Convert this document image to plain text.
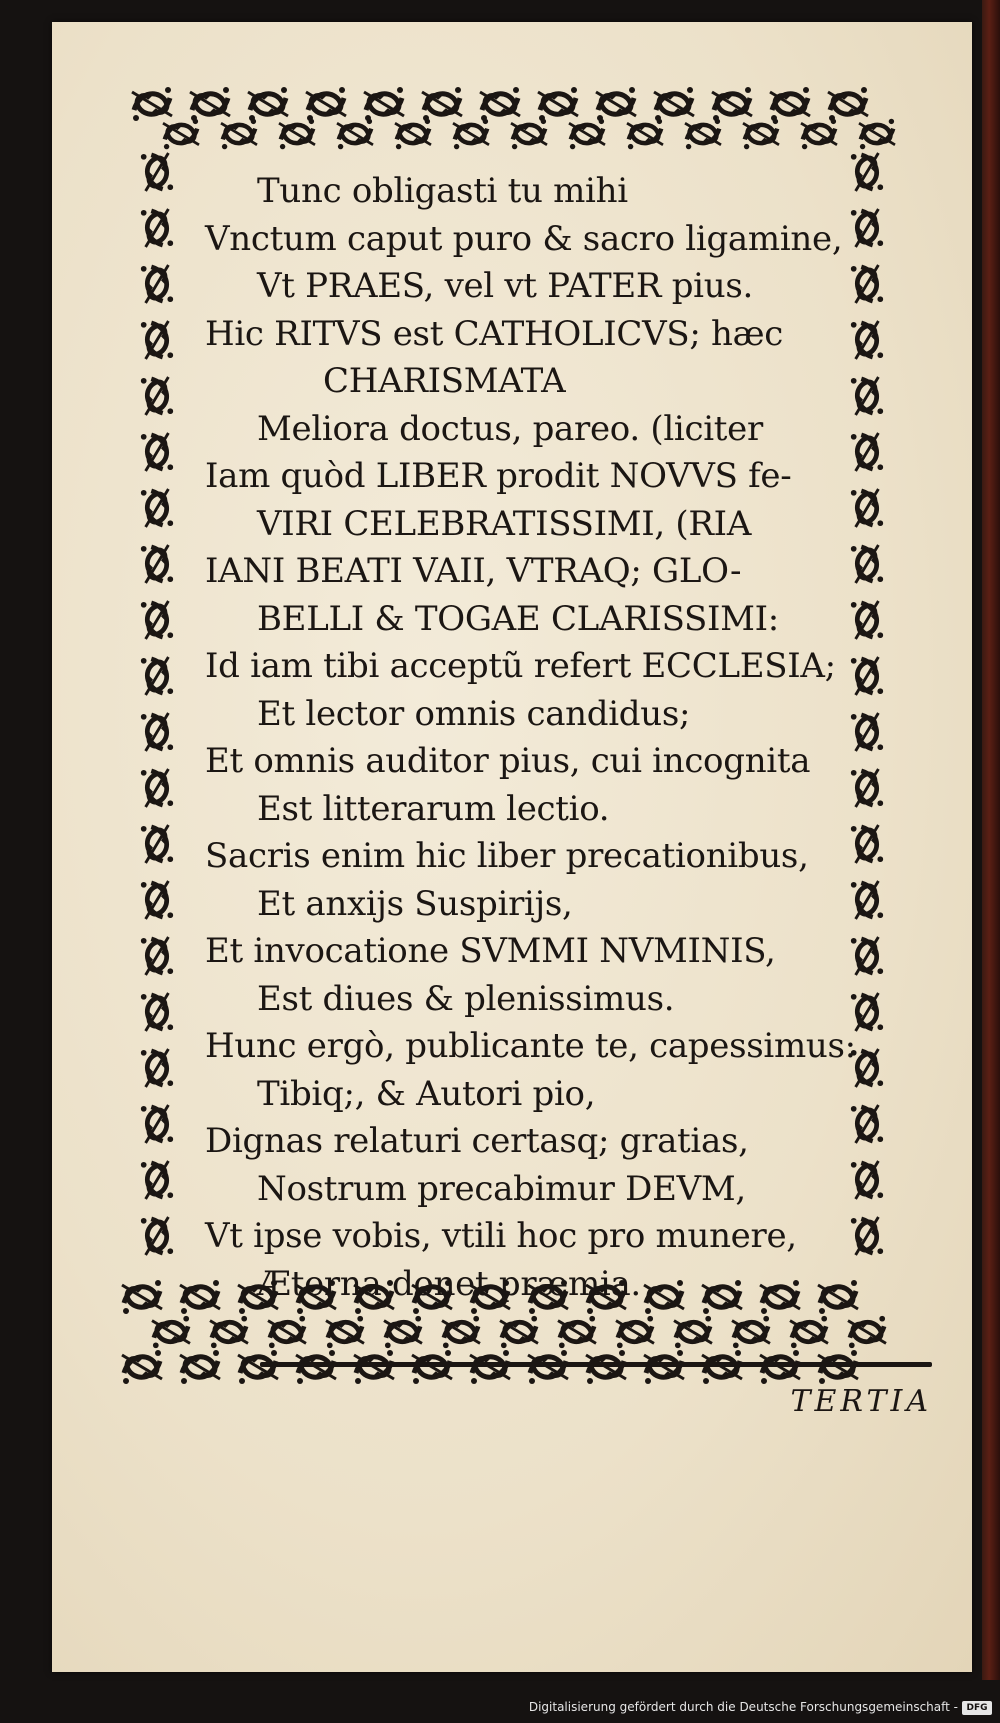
TERTIA
Tunc obligasti tu mihi
Vnctum caput puro & sacro ligamine,
Vt PRAES, vel vt PATER pius.
Hic RITVS est CATHOLICVS; hæc
CHARISMATA
Meliora doctus, pareo. (liciter
Iam quòd LIBER prodit NOVVS fe-
VIRI CELEBRATISSIMI, (RIA
IANI BEATI VAII, VTRAQ; GLO-
BELLI & TOGAE CLARISSIMI:
Id iam tibi acceptũ refert ECCLESIA;
Et lector omnis candidus;
Et omnis auditor pius, cui incognita
Est litterarum lectio.
Sacris enim hic liber precationibus,
Et anxijs Suspirijs,
Et invocatione SVMMI NVMINIS,
Est diues & plenissimus.
Hunc ergò, publicante te, capessimus:
Tibiq;, & Autori pio,
Dignas relaturi certasq; gratias,
Nostrum precabimur DEVM,
Vt ipse vobis, vtili hoc pro munere,
Æterna donet præmia.
Digitalisierung gefördert durch die Deutsche Forschungsgemeinschaft - DFG
